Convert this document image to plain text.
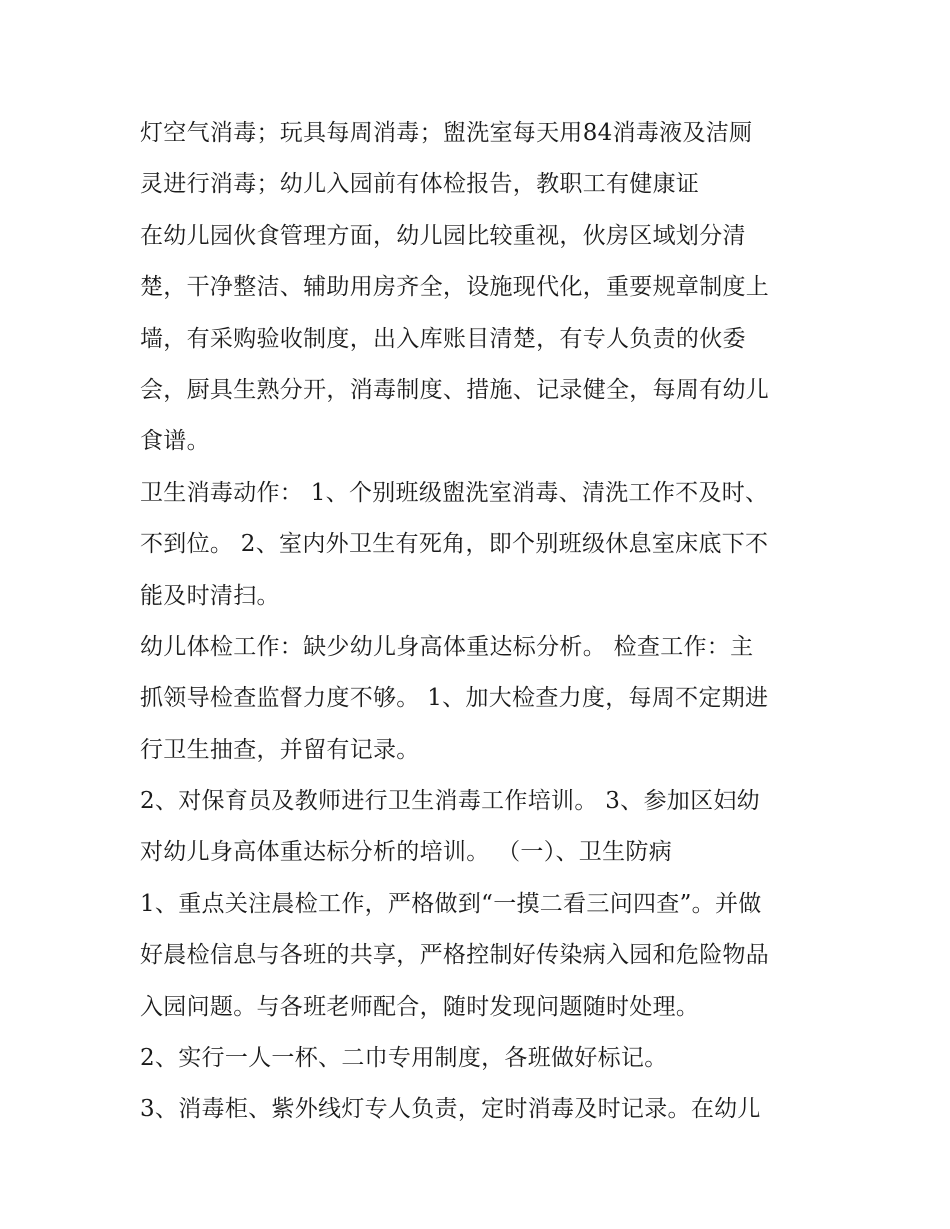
灯空气消毒；玩具每周消毒；盥洗室每天用84消毒液及洁厕
灵进行消毒；幼儿入园前有体检报告，教职工有健康证
在幼儿园伙食管理方面，幼儿园比较重视，伙房区域划分清
楚，干净整洁、辅助用房齐全，设施现代化，重要规章制度上
墙，有采购验收制度，出入库账目清楚，有专人负责的伙委
会，厨具生熟分开，消毒制度、措施、记录健全，每周有幼儿
食谱。
卫生消毒动作： 1、个别班级盥洗室消毒、清洗工作不及时、
不到位。 2、室内外卫生有死角，即个别班级休息室床底下不
能及时清扫。
幼儿体检工作：缺少幼儿身高体重达标分析。 检查工作：主
抓领导检查监督力度不够。 1、加大检查力度，每周不定期进
行卫生抽查，并留有记录。
2、对保育员及教师进行卫生消毒工作培训。 3、参加区妇幼
对幼儿身高体重达标分析的培训。 （一）、卫生防病
1、重点关注晨检工作，严格做到“一摸二看三问四查”。并做
好晨检信息与各班的共享，严格控制好传染病入园和危险物品
入园问题。与各班老师配合，随时发现问题随时处理。
2、实行一人一杯、二巾专用制度，各班做好标记。
3、消毒柜、紫外线灯专人负责，定时消毒及时记录。在幼儿
